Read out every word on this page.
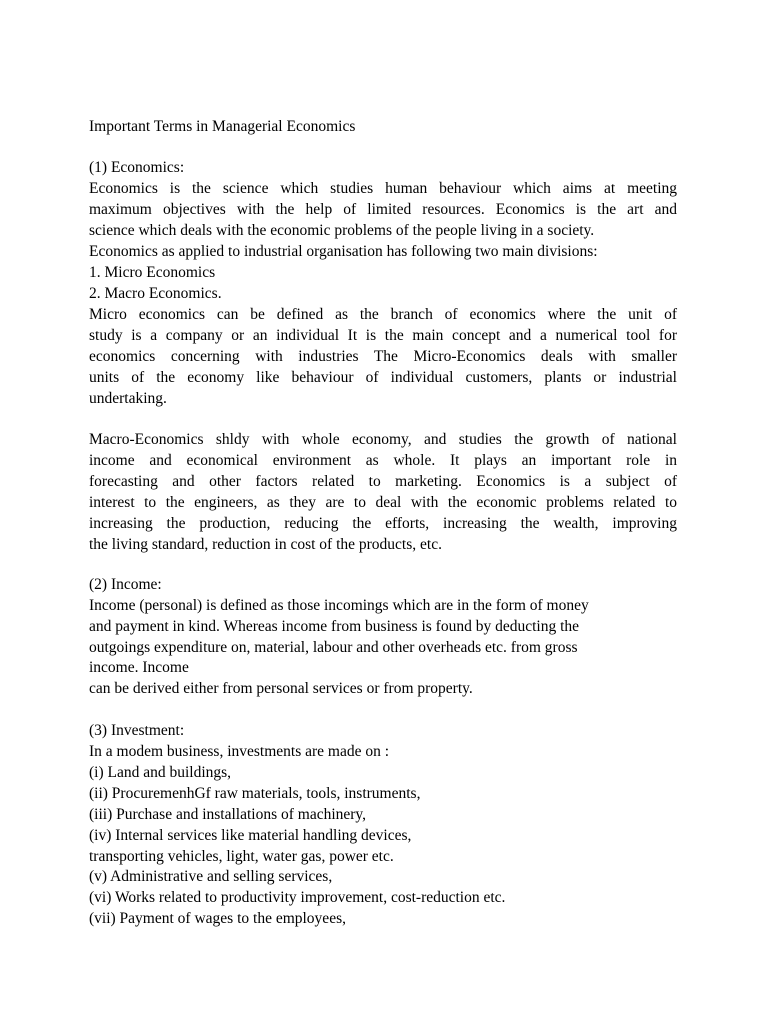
Important Terms in Managerial Economics
(1) Economics:
Economics is the science which studies human behaviour which aims at meeting
maximum objectives with the help of limited resources. Economics is the art and
science which deals with the economic problems of the people living in a society.
Economics as applied to industrial organisation has following two main divisions:
1. Micro Economics
2. Macro Economics.
Micro economics can be defined as the branch of economics where the unit of
study is a company or an individual It is the main concept and a numerical tool for
economics concerning with industries The Micro-Economics deals with smaller
units of the economy like behaviour of individual customers, plants or industrial
undertaking.
Macro-Economics shldy with whole economy, and studies the growth of national
income and economical environment as whole. It plays an important role in
forecasting and other factors related to marketing. Economics is a subject of
interest to the engineers, as they are to deal with the economic problems related to
increasing the production, reducing the efforts, increasing the wealth, improving
the living standard, reduction in cost of the products, etc.
(2) Income:
Income (personal) is defined as those incomings which are in the form of money
and payment in kind. Whereas income from business is found by deducting the
outgoings expenditure on, material, labour and other overheads etc. from gross
income. Income
can be derived either from personal services or from property.
(3) Investment:
In a modem business, investments are made on :
(i) Land and buildings,
(ii) ProcuremenhGf raw materials, tools, instruments,
(iii) Purchase and installations of machinery,
(iv) Internal services like material handling devices,
transporting vehicles, light, water gas, power etc.
(v) Administrative and selling services,
(vi) Works related to productivity improvement, cost-reduction etc.
(vii) Payment of wages to the employees,
